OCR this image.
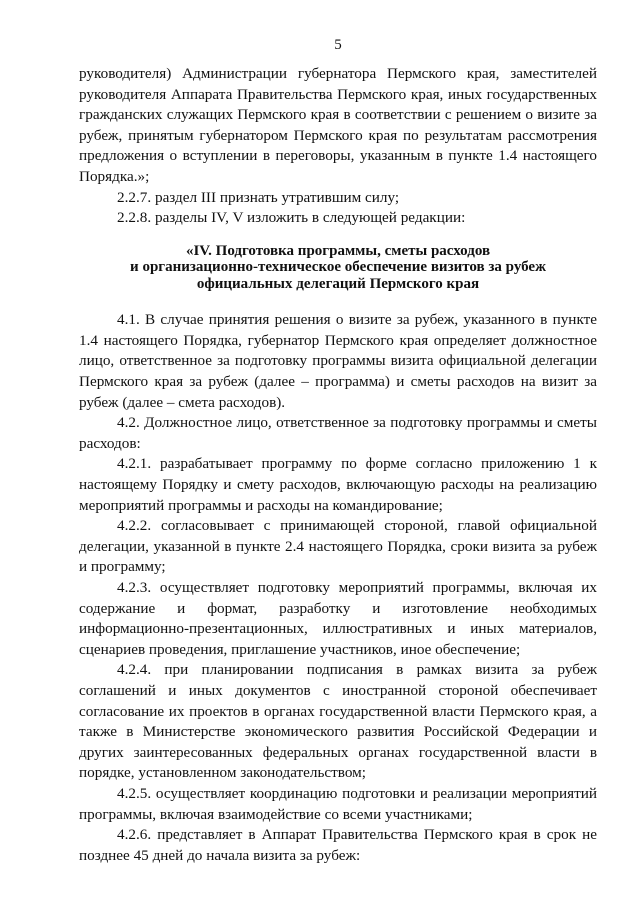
5

руководителя) Администрации губернатора Пермского края, заместителей руководителя Аппарата Правительства Пермского края, иных государственных гражданских служащих Пермского края в соответствии с решением о визите за рубеж, принятым губернатором Пермского края по результатам рассмотрения предложения о вступлении в переговоры, указанным в пункте 1.4 настоящего Порядка.»;

2.2.7. раздел III признать утратившим силу;

2.2.8. разделы IV, V изложить в следующей редакции:

«IV. Подготовка программы, сметы расходов
и организационно-техническое обеспечение визитов за рубеж
официальных делегаций Пермского края

4.1. В случае принятия решения о визите за рубеж, указанного в пункте 1.4 настоящего Порядка, губернатор Пермского края определяет должностное лицо, ответственное за подготовку программы визита официальной делегации Пермского края за рубеж (далее – программа) и сметы расходов на визит за рубеж (далее – смета расходов).

4.2. Должностное лицо, ответственное за подготовку программы и сметы расходов:

4.2.1. разрабатывает программу по форме согласно приложению 1 к настоящему Порядку и смету расходов, включающую расходы на реализацию мероприятий программы и расходы на командирование;

4.2.2. согласовывает с принимающей стороной, главой официальной делегации, указанной в пункте 2.4 настоящего Порядка, сроки визита за рубеж и программу;

4.2.3. осуществляет подготовку мероприятий программы, включая их содержание и формат, разработку и изготовление необходимых информационно-презентационных, иллюстративных и иных материалов, сценариев проведения, приглашение участников, иное обеспечение;

4.2.4. при планировании подписания в рамках визита за рубеж соглашений и иных документов с иностранной стороной обеспечивает согласование их проектов в органах государственной власти Пермского края, а также в Министерстве экономического развития Российской Федерации и других заинтересованных федеральных органах государственной власти в порядке, установленном законодательством;

4.2.5. осуществляет координацию подготовки и реализации мероприятий программы, включая взаимодействие со всеми участниками;

4.2.6. представляет в Аппарат Правительства Пермского края в срок не позднее 45 дней до начала визита за рубеж:
